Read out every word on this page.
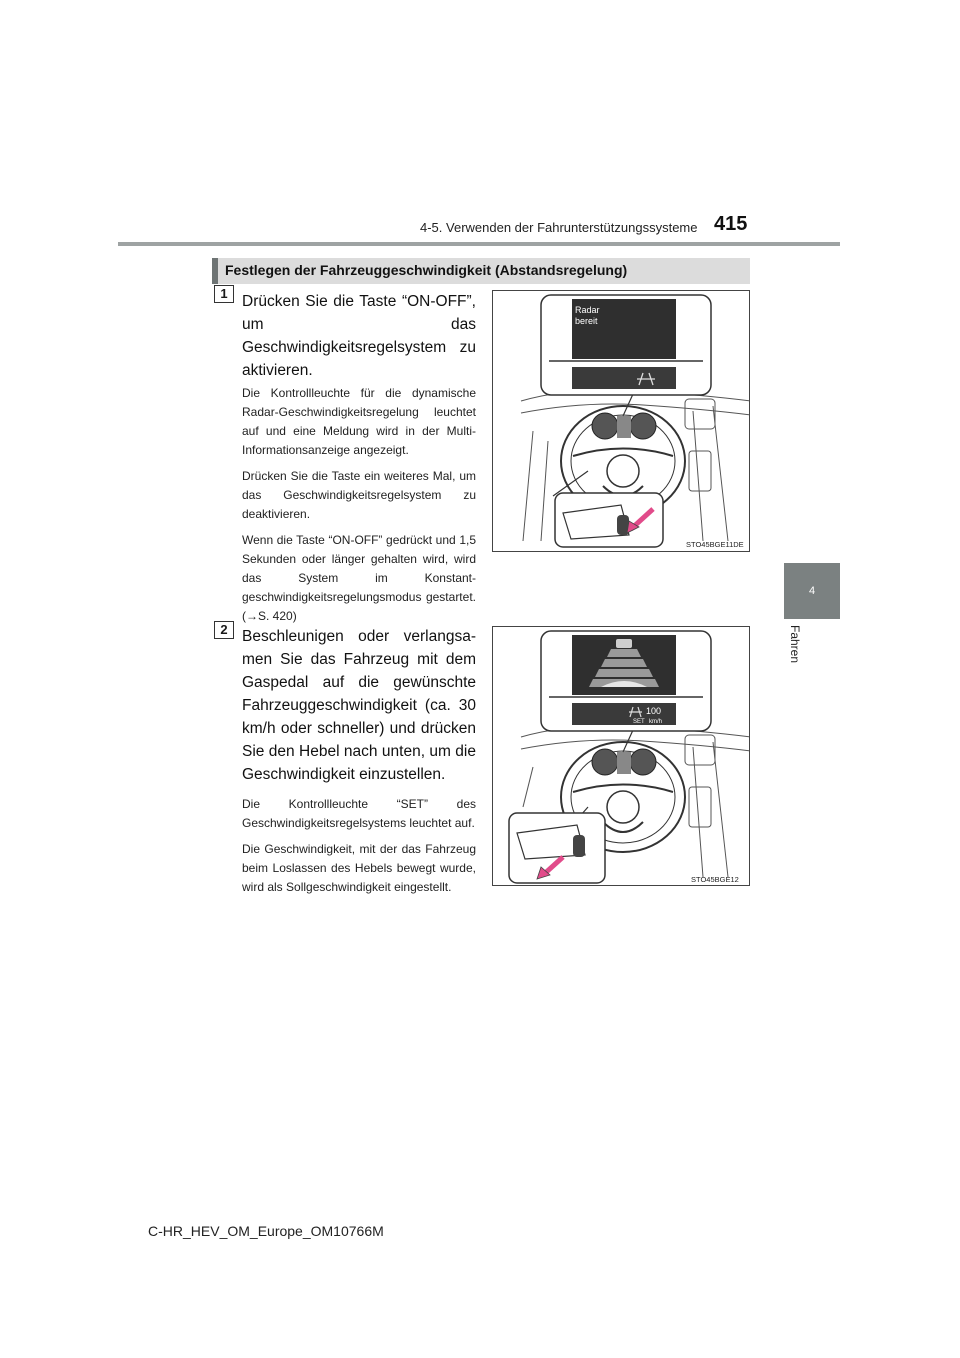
4-5. Verwenden der Fahrunterstützungssysteme 415
4
Fahren
Festlegen der Fahrzeuggeschwindigkeit (Abstandsregelung)
1 Drücken Sie die Taste “ON-OFF”, um das Geschwindigkeitsregelsystem zu aktivieren.

Die Kontrollleuchte für die dynamische Radar-Geschwindigkeitsregelung leuchtet auf und eine Meldung wird in der Multi-Informationsanzeige angezeigt.

Drücken Sie die Taste ein weiteres Mal, um das Geschwindigkeitsregelsystem zu deaktivieren.

Wenn die Taste “ON-OFF” gedrückt und 1,5 Sekunden oder länger gehalten wird, wird das System im Konstantgeschwindigkeitsregelungsmodus gestartet. (→S. 420)

Radar
bereit
STO45BGE11DE
2 Beschleunigen oder verlangsamen Sie das Fahrzeug mit dem Gaspedal auf die gewünschte Fahrzeuggeschwindigkeit (ca. 30 km/h oder schneller) und drücken Sie den Hebel nach unten, um die Geschwindigkeit einzustellen.

Die Kontrollleuchte “SET” des Geschwindigkeitsregelsystems leuchtet auf.

Die Geschwindigkeit, mit der das Fahrzeug beim Loslassen des Hebels bewegt wurde, wird als Sollgeschwindigkeit eingestellt.

100
SET km/h
STO45BGE12
C-HR_HEV_OM_Europe_OM10766M
